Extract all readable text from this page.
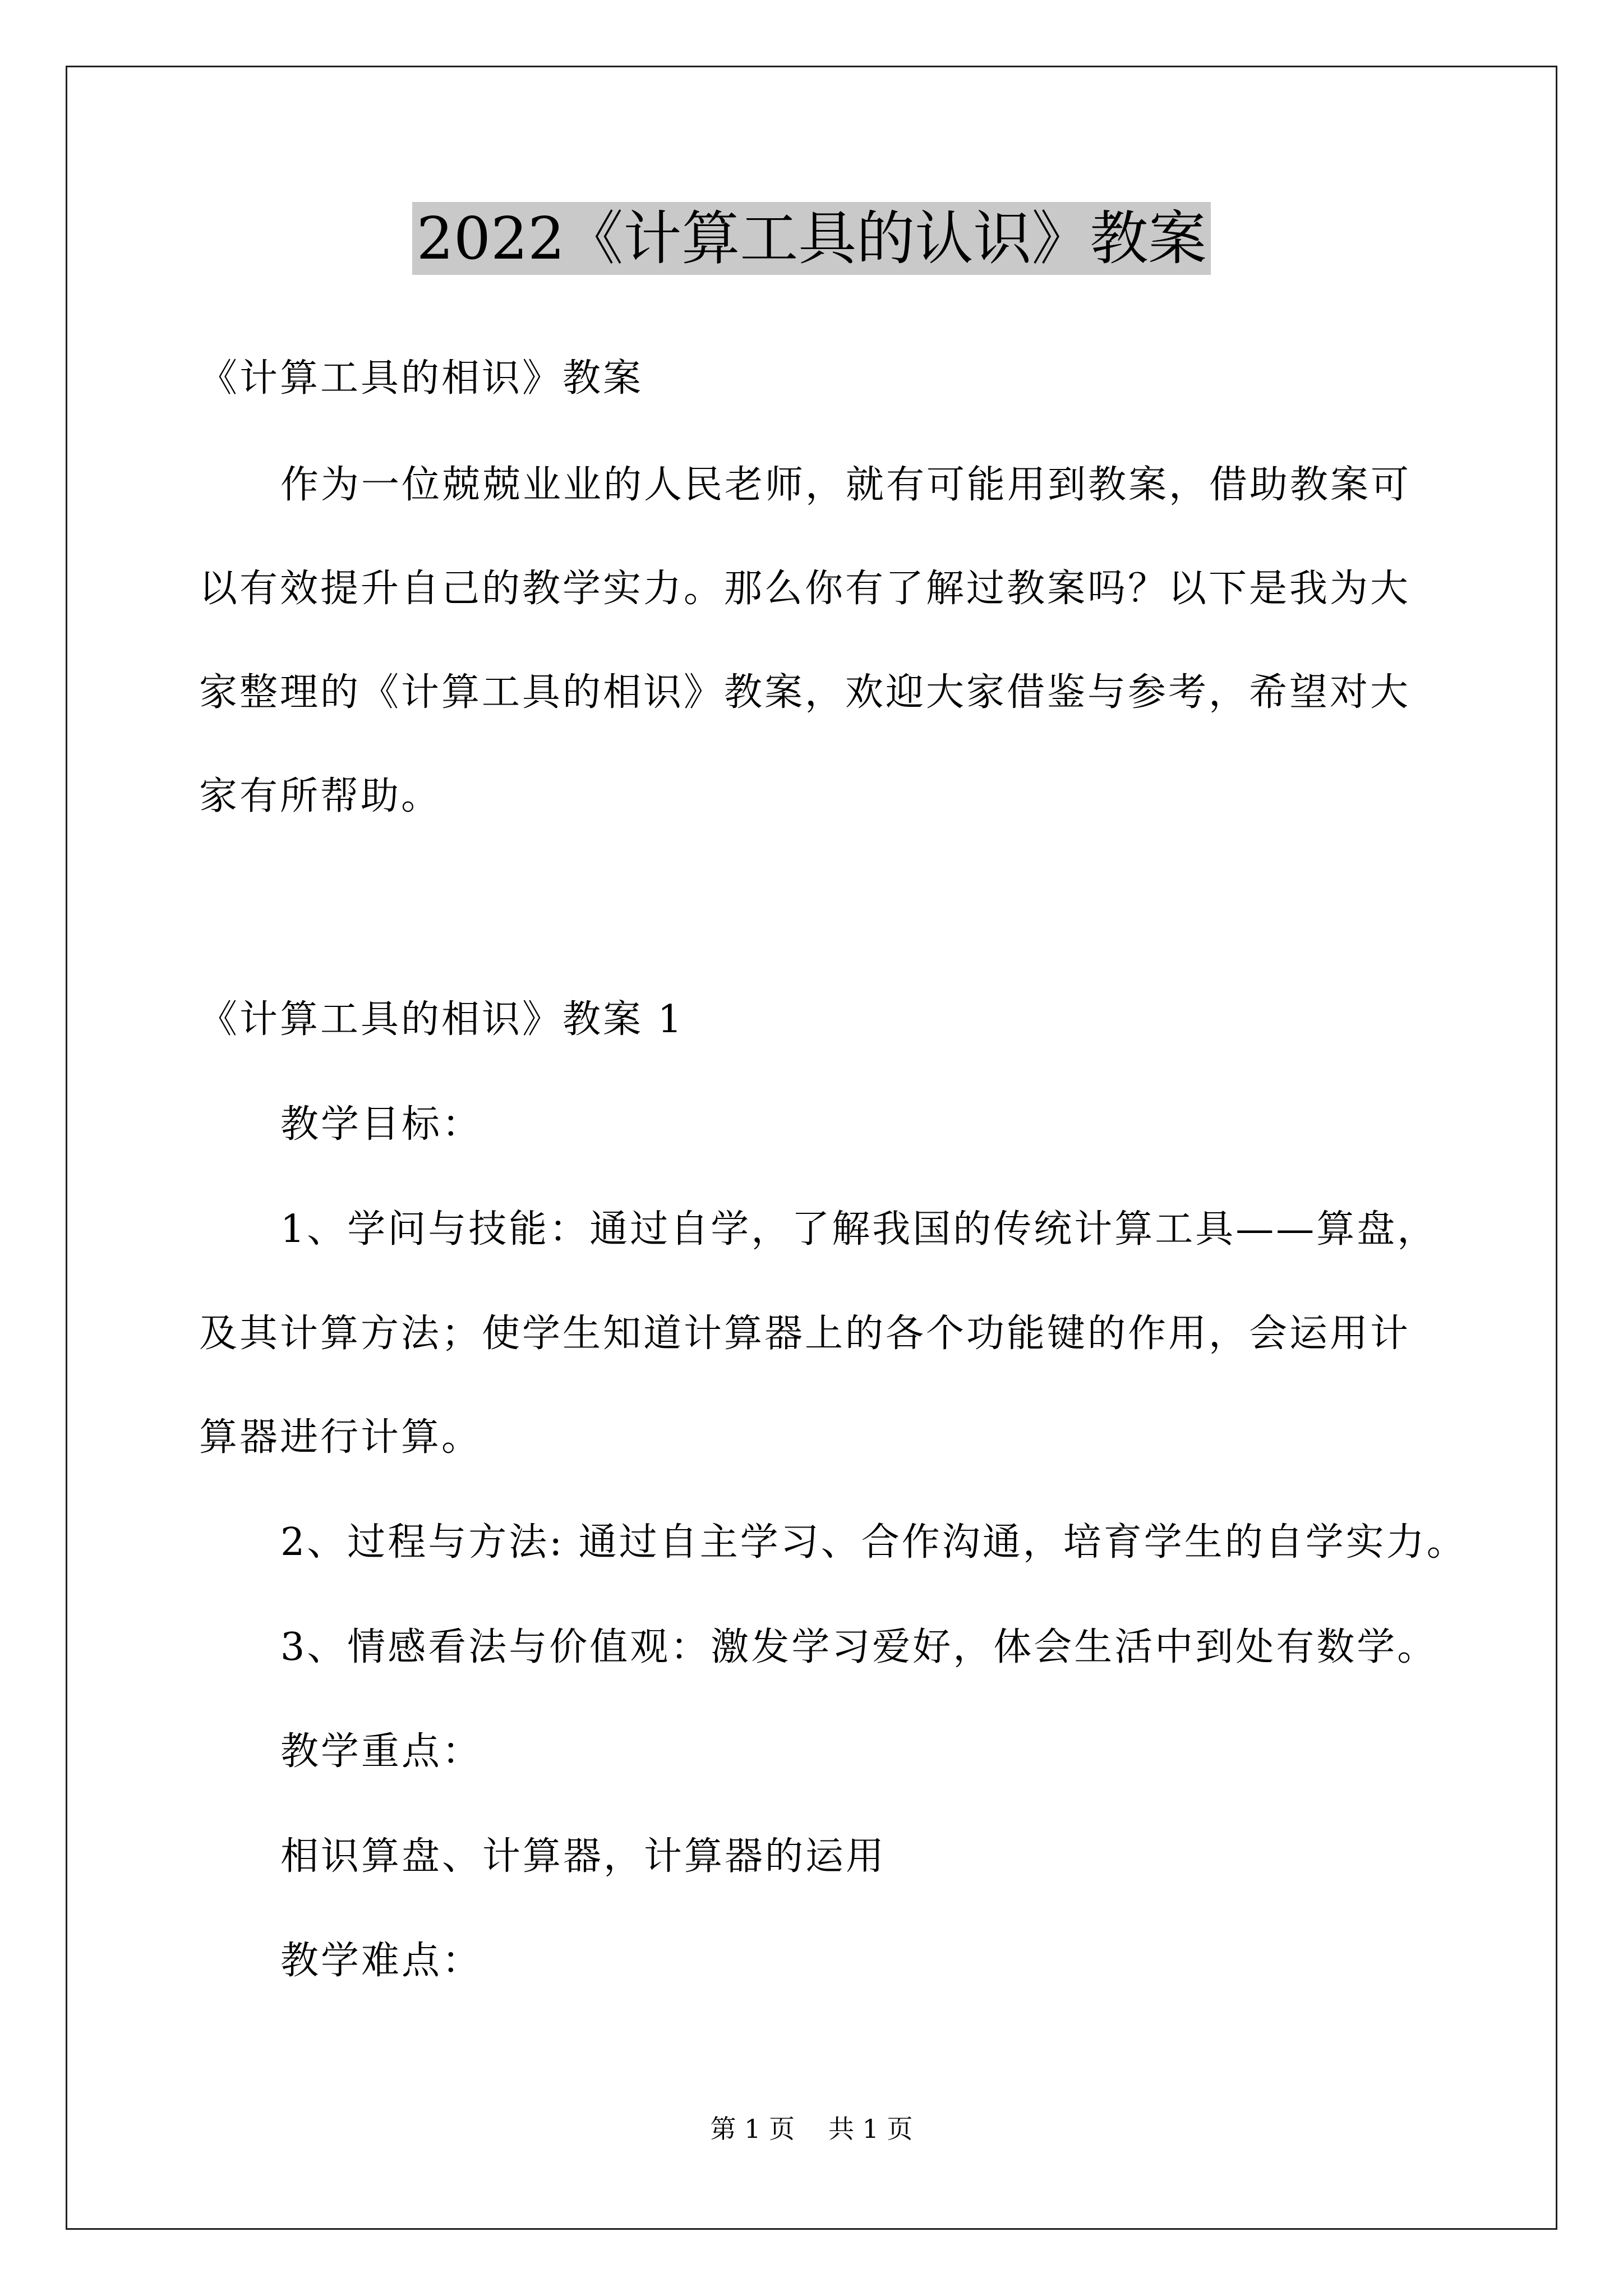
2022《计算工具的认识》教案
《计算工具的相识》教案
作为一位兢兢业业的人民老师，就有可能用到教案，借助教案可
以有效提升自己的教学实力。那么你有了解过教案吗？以下是我为大
家整理的《计算工具的相识》教案，欢迎大家借鉴与参考，希望对大
家有所帮助。
《计算工具的相识》教案 1
教学目标：
1、学问与技能：通过自学，了解我国的传统计算工具——算盘，
及其计算方法；使学生知道计算器上的各个功能键的作用，会运用计
算器进行计算。
2、过程与方法: 通过自主学习、合作沟通，培育学生的自学实力。
3、情感看法与价值观：激发学习爱好，体会生活中到处有数学。
教学重点：
相识算盘、计算器，计算器的运用
教学难点：
第 1 页 共 1 页
